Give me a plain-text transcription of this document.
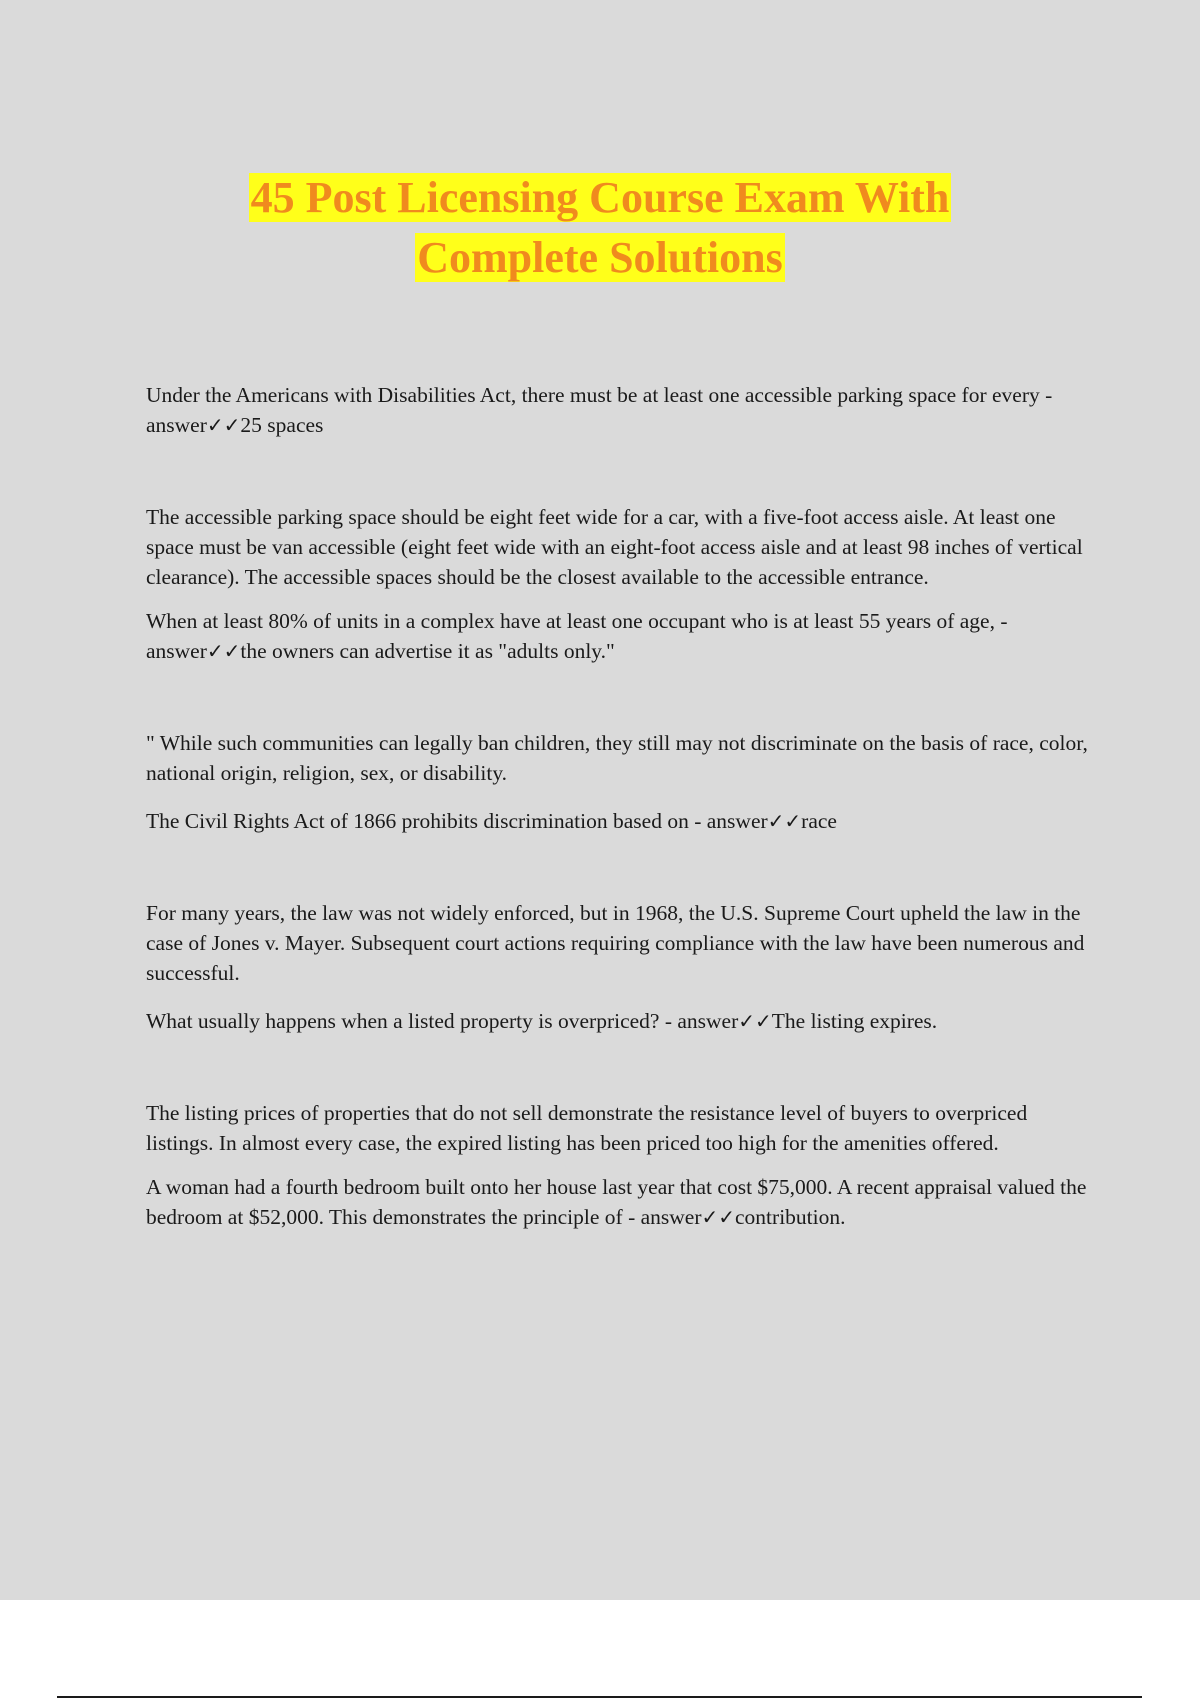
45 Post Licensing Course Exam With
Complete Solutions

Under the Americans with Disabilities Act, there must be at least one accessible parking space for every - answer✓✓25 spaces

The accessible parking space should be eight feet wide for a car, with a five-foot access aisle. At least one space must be van accessible (eight feet wide with an eight-foot access aisle and at least 98 inches of vertical clearance). The accessible spaces should be the closest available to the accessible entrance.

When at least 80% of units in a complex have at least one occupant who is at least 55 years of age, - answer✓✓the owners can advertise it as "adults only."

" While such communities can legally ban children, they still may not discriminate on the basis of race, color, national origin, religion, sex, or disability.

The Civil Rights Act of 1866 prohibits discrimination based on - answer✓✓race

For many years, the law was not widely enforced, but in 1968, the U.S. Supreme Court upheld the law in the case of Jones v. Mayer. Subsequent court actions requiring compliance with the law have been numerous and successful.

What usually happens when a listed property is overpriced? - answer✓✓The listing expires.

The listing prices of properties that do not sell demonstrate the resistance level of buyers to overpriced listings. In almost every case, the expired listing has been priced too high for the amenities offered.

A woman had a fourth bedroom built onto her house last year that cost $75,000. A recent appraisal valued the bedroom at $52,000. This demonstrates the principle of - answer✓✓contribution.
